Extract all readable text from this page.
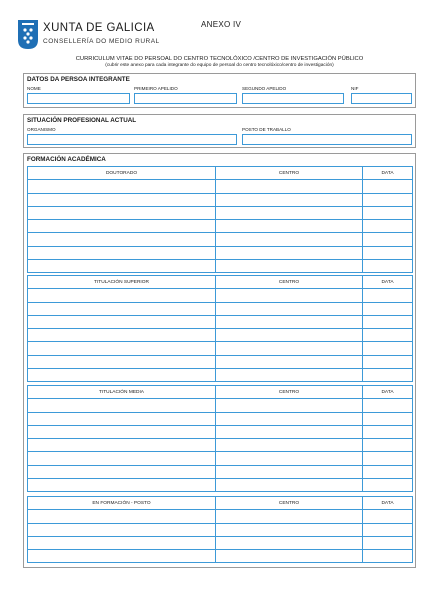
XUNTA DE GALICIA
CONSELLERÍA DO MEDIO RURAL
ANEXO IV
CURRICULUM VITAE DO PERSOAL DO CENTRO TECNOLÓXICO /CENTRO DE INVESTIGACIÓN PÚBLICO
(cubrir este anexo para cada integrante do equipo de persoal do centro tecnolóxico/centro de investigación)
DATOS DA PERSOA INTEGRANTE
NOME	PRIMEIRO APELIDO	SEGUNDO APELIDO	NIF
SITUACIÓN PROFESIONAL ACTUAL
ORGANISMO	POSTO DE TRABALLO
FORMACIÓN ACADÉMICA
DOUTORADO	CENTRO	DATA

TITULACIÓN SUPERIOR	CENTRO	DATA

TITULACIÓN MEDIA	CENTRO	DATA

EN FORMACIÓN - POSTO	CENTRO	DATA
